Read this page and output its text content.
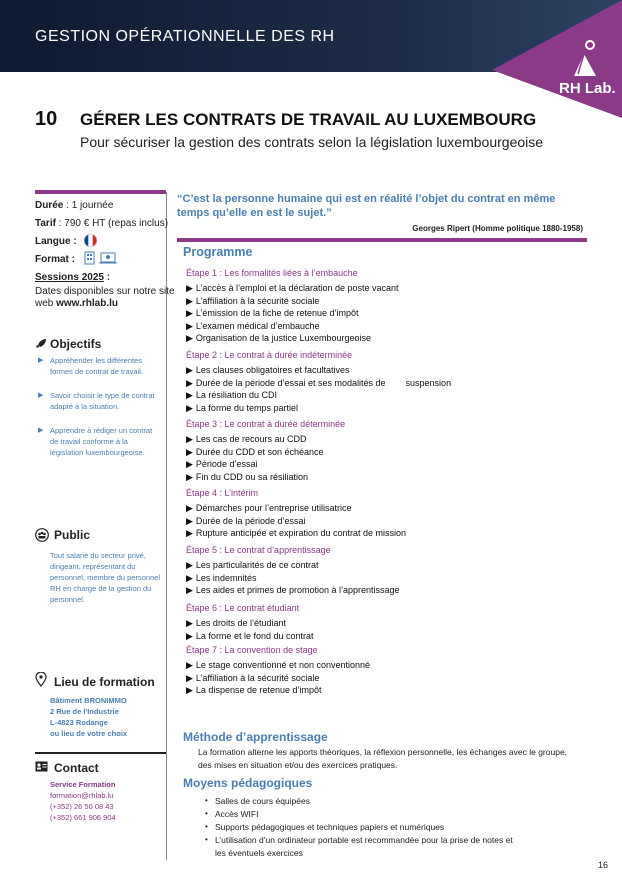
GESTION OPÉRATIONNELLE DES RH
RH Lab.
10 GÉRER LES CONTRATS DE TRAVAIL AU LUXEMBOURG
Pour sécuriser la gestion des contrats selon la législation luxembourgeoise
Durée : 1 journée
Tarif : 790 € HT (repas inclus)
Langue :
Format :
Sessions 2025 :
Dates disponibles sur notre site
web www.rhlab.lu
Objectifs
▶ Appréhender les différentes formes de contrat de travail.
▶ Savoir choisir le type de contrat adapté à la situation.
▶ Apprendre à rédiger un contrat de travail conforme à la législation luxembourgeoise.
Public
Tout salarié du secteur privé, dirigeant, représentant du personnel, membre du personnel RH en charge de la gestion du personnel.
Lieu de formation
Bâtiment BRONIMMO
2 Rue de l'Industrie
L-4823 Rodange
ou lieu de votre choix
Contact
Service Formation
formation@rhlab.lu
(+352) 26 50 08 43
(+352) 661 906 904
“C’est la personne humaine qui est en réalité l’objet du contrat en même temps qu’elle en est le sujet.”
Georges Ripert (Homme politique 1880-1958)
Programme
Étape 1 : Les formalités liées à l’embauche
▶ L’accès à l’emploi et la déclaration de poste vacant
▶ L’affiliation à la sécurité sociale
▶ L’émission de la fiche de retenue d’impôt
▶ L’examen médical d’embauche
▶ Organisation de la justice Luxembourgeoise
Étape 2 : Le contrat à durée indéterminée
▶ Les clauses obligatoires et facultatives
▶ Durée de la période d’essai et ses modalités de        suspension
▶ La résiliation du CDI
▶ La forme du temps partiel
Étape 3 : Le contrat à durée déterminée
▶ Les cas de recours au CDD
▶ Durée du CDD et son échéance
▶ Période d’essai
▶ Fin du CDD ou sa résiliation
Étape 4 : L’intérim
▶ Démarches pour l’entreprise utilisatrice
▶ Durée de la période d’essai
▶ Rupture anticipée et expiration du contrat de mission
Étape 5 : Le contrat d’apprentissage
▶ Les particularités de ce contrat
▶ Les indemnités
▶ Les aides et primes de promotion à l’apprentissage
Étape 6 : Le contrat étudiant
▶ Les droits de l’étudiant
▶ La forme et le fond du contrat
Étape 7 : La convention de stage
▶ Le stage conventionné et non conventionné
▶ L’affiliation à la sécurité sociale
▶ La dispense de retenue d’impôt
Méthode d’apprentissage
La formation alterne les apports théoriques, la réflexion personnelle, les échanges avec le groupe, des mises en situation et/ou des exercices pratiques.
Moyens pédagogiques
Salles de cours équipées
Accès WIFI
Supports pédagogiques et techniques papiers et numériques
L’utilisation d’un ordinateur portable est recommandée pour la prise de notes et
les éventuels exercices
•
•
•
•
16
